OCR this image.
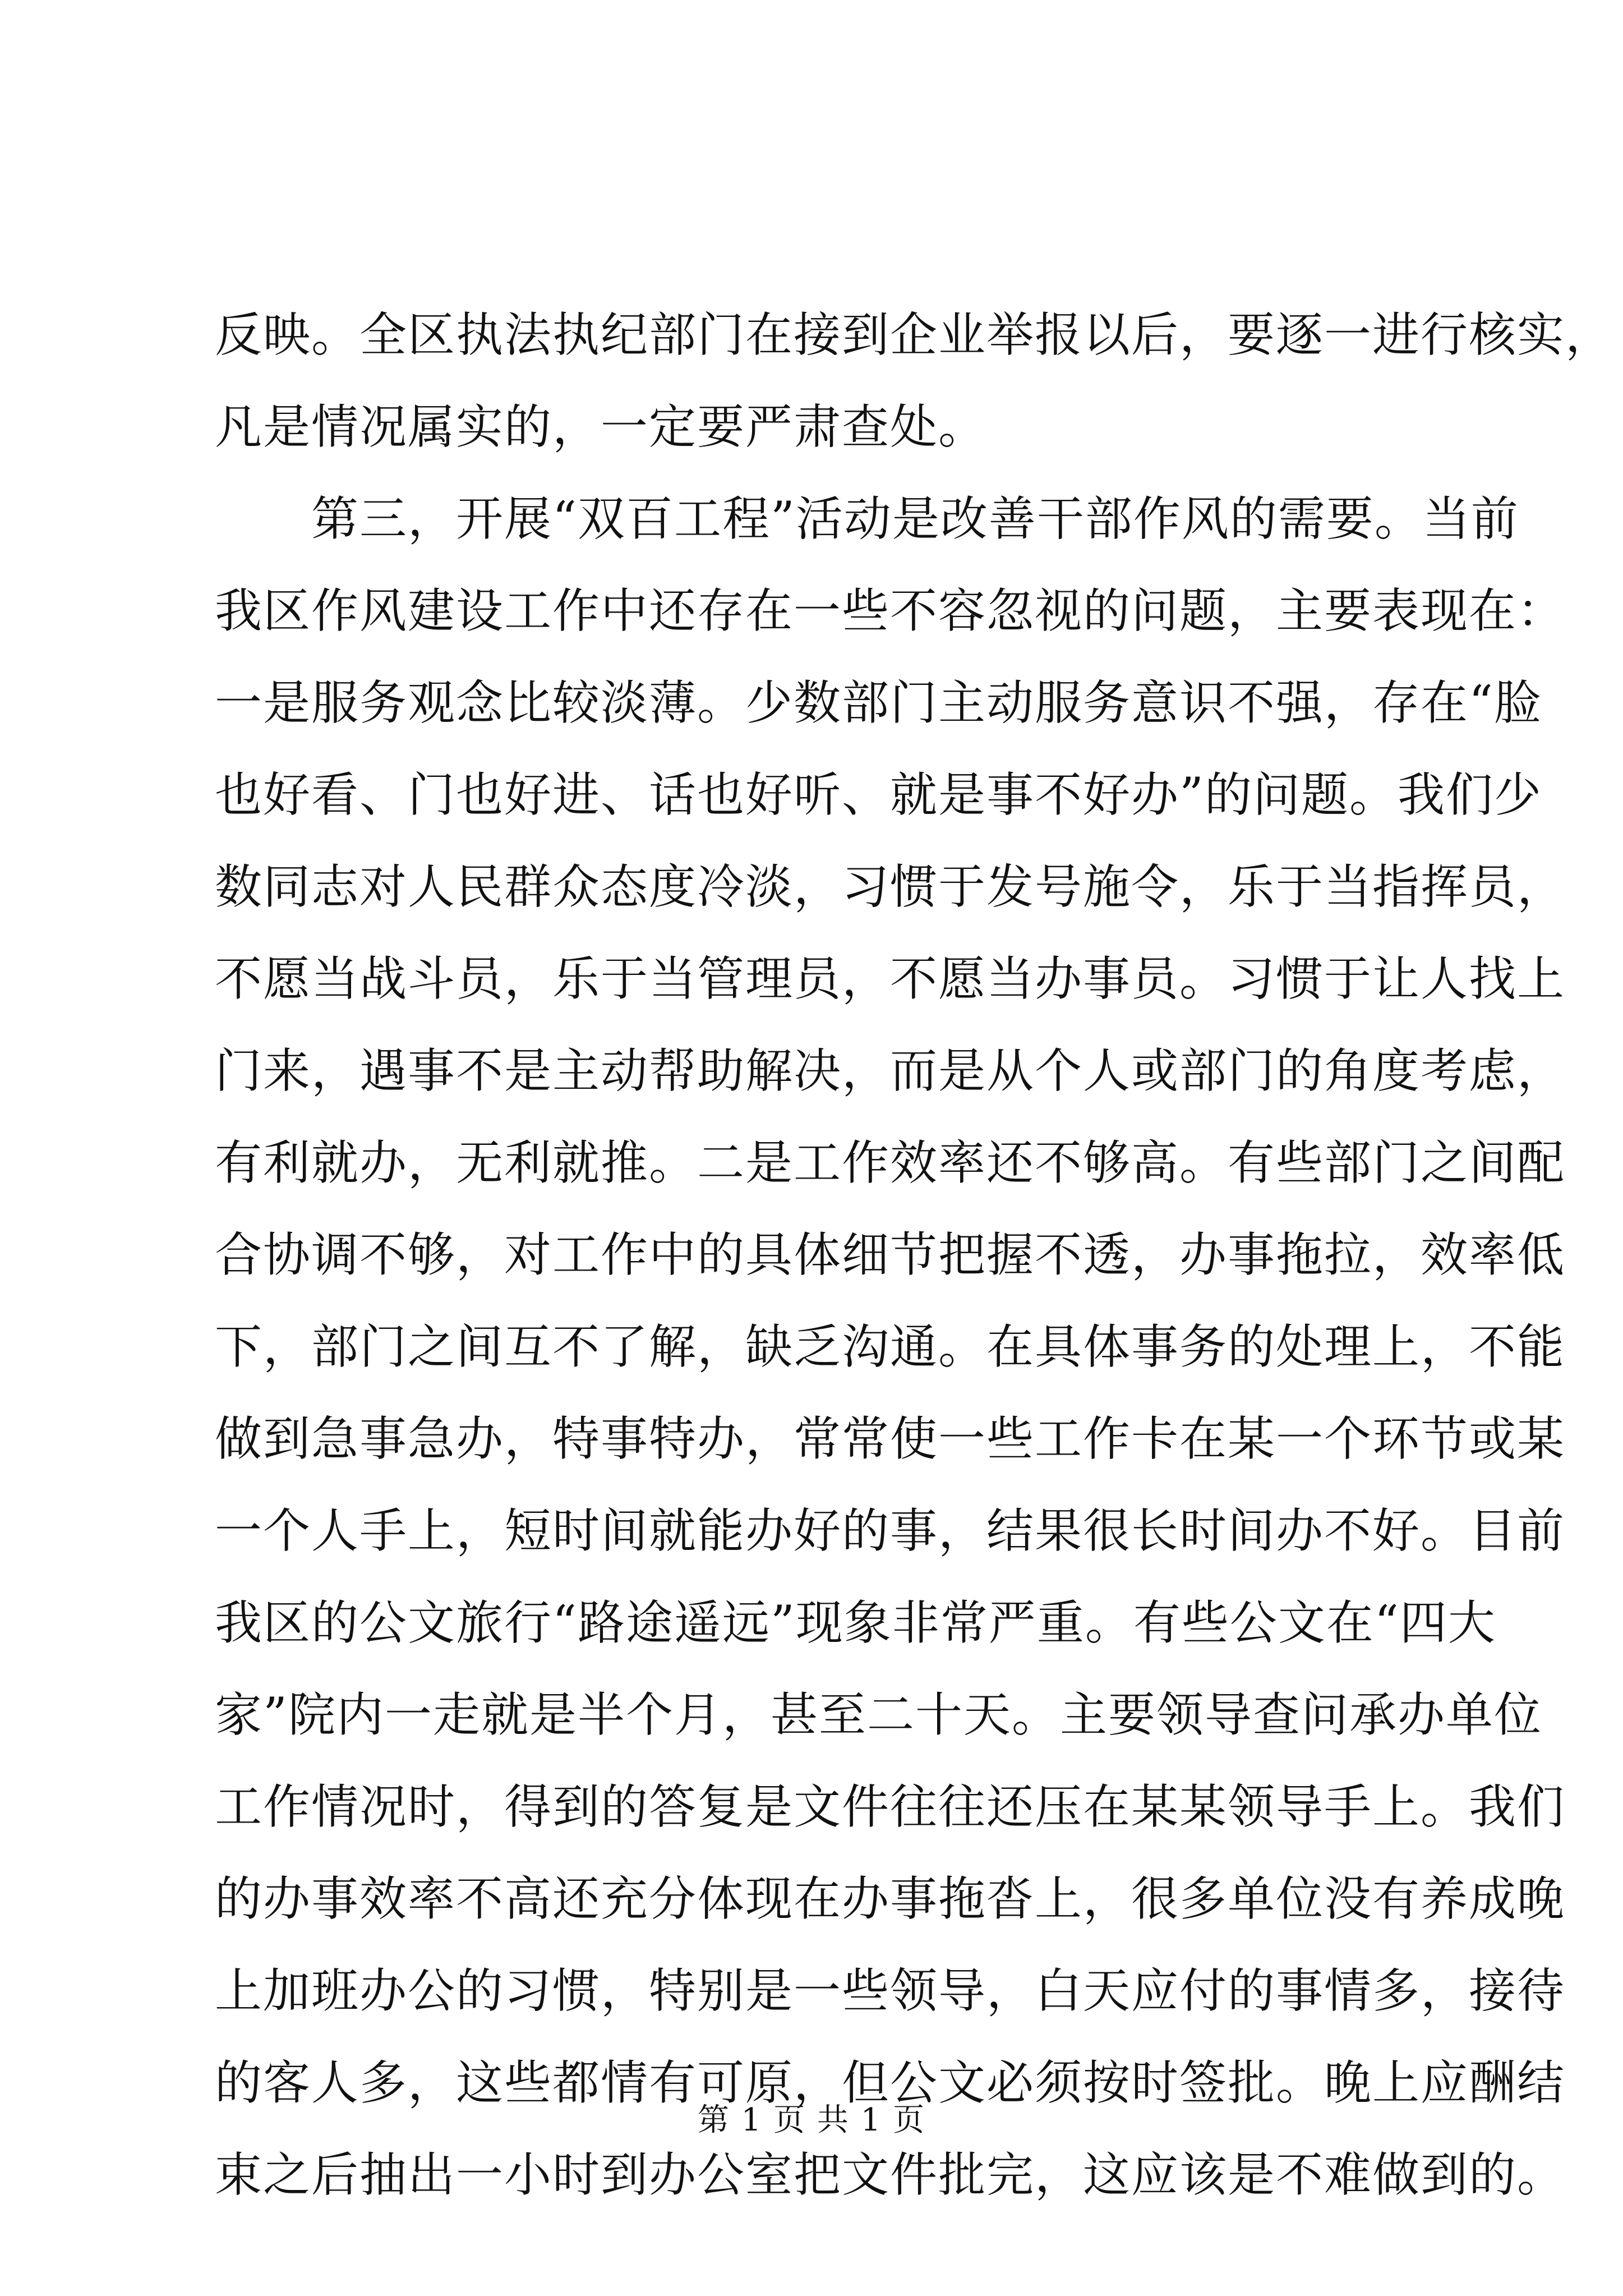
反映。全区执法执纪部门在接到企业举报以后，要逐一进行核实，
凡是情况属实的，一定要严肃查处。
　　第三，开展“双百工程”活动是改善干部作风的需要。当前
我区作风建设工作中还存在一些不容忽视的问题，主要表现在：
一是服务观念比较淡薄。少数部门主动服务意识不强，存在“脸
也好看、门也好进、话也好听、就是事不好办”的问题。我们少
数同志对人民群众态度冷淡，习惯于发号施令，乐于当指挥员，
不愿当战斗员，乐于当管理员，不愿当办事员。习惯于让人找上
门来，遇事不是主动帮助解决，而是从个人或部门的角度考虑，
有利就办，无利就推。二是工作效率还不够高。有些部门之间配
合协调不够，对工作中的具体细节把握不透，办事拖拉，效率低
下，部门之间互不了解，缺乏沟通。在具体事务的处理上，不能
做到急事急办，特事特办，常常使一些工作卡在某一个环节或某
一个人手上，短时间就能办好的事，结果很长时间办不好。目前
我区的公文旅行“路途遥远”现象非常严重。有些公文在“四大
家”院内一走就是半个月，甚至二十天。主要领导查问承办单位
工作情况时，得到的答复是文件往往还压在某某领导手上。我们
的办事效率不高还充分体现在办事拖沓上，很多单位没有养成晚
上加班办公的习惯，特别是一些领导，白天应付的事情多，接待
的客人多，这些都情有可原，但公文必须按时签批。晚上应酬结
束之后抽出一小时到办公室把文件批完，这应该是不难做到的。
第 1 页 共 1 页
